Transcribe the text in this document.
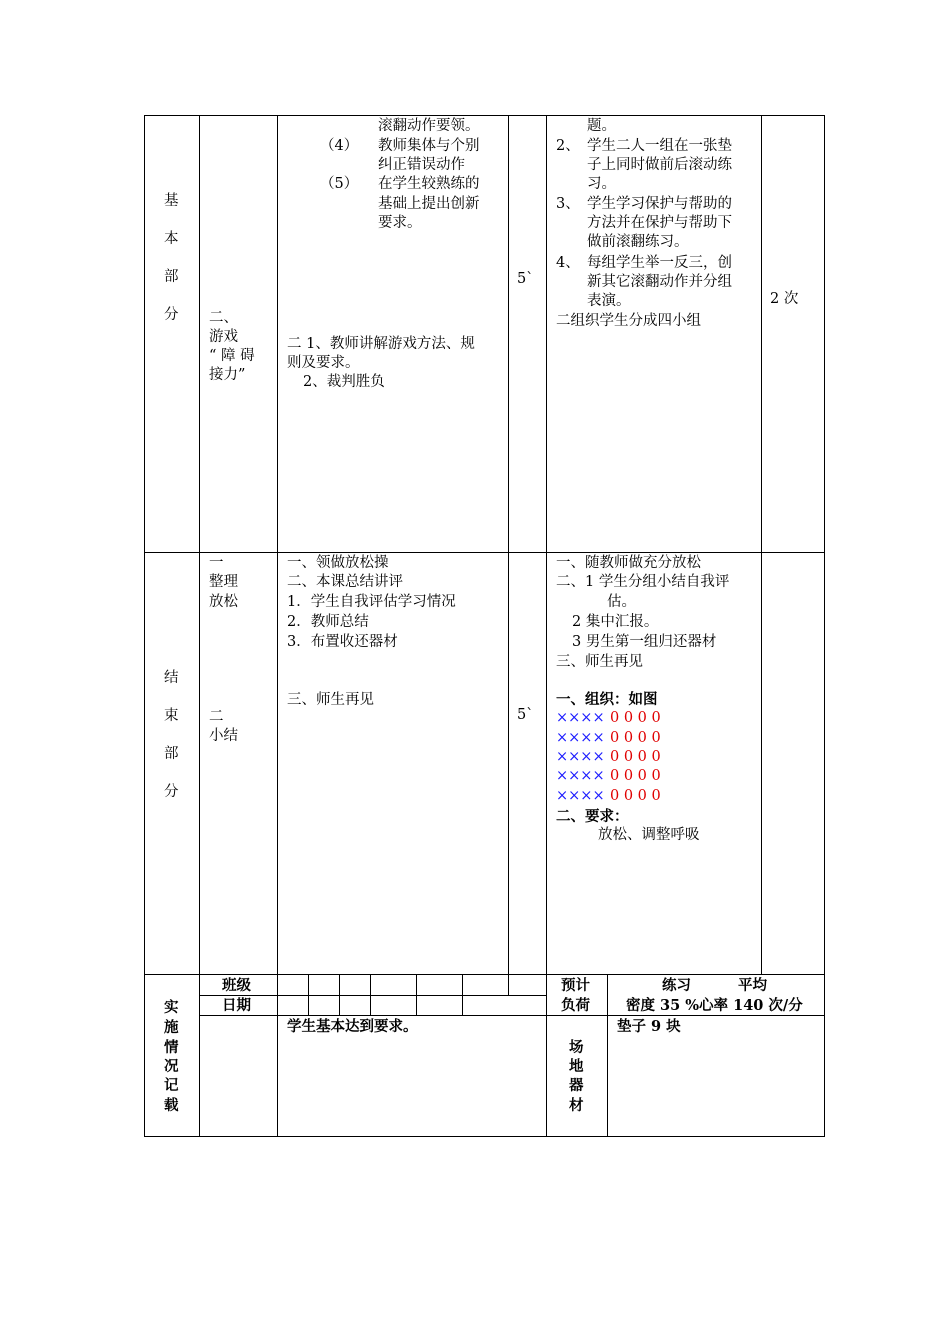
基
本
部
分
结
束
部
分
实
施
情
况
记
载
二、
游戏
“ 障 碍
接力”
滚翻动作要领。
（4） 教师集体与个别
纠正错误动作
（5） 在学生较熟练的
基础上提出创新
要求。
二 1、教师讲解游戏方法、规
则及要求。
2、裁判胜负
5`
题。
2、 学生二人一组在一张垫
子上同时做前后滚动练
习。
3、 学生学习保护与帮助的
方法并在保护与帮助下
做前滚翻练习。
4、 每组学生举一反三，创
新其它滚翻动作并分组
表演。
二组织学生分成四小组
2 次
一
整理
放松
二
小结
一、领做放松操
二、本课总结讲评
1．学生自我评估学习情况
2．教师总结
3．布置收还器材
三、师生再见
5`
一、随教师做充分放松
二、1 学生分组小结自我评
估。
2 集中汇报。
3 男生第一组归还器材
三、师生再见
一、组织：如图
×××× 0 0 0 0
×××× 0 0 0 0
×××× 0 0 0 0
×××× 0 0 0 0
×××× 0 0 0 0
二、要求：
放松、调整呼吸
班级
日期
预计
负荷
练习	平均
密度 35 %心率 140 次/分
学生基本达到要求。
场
地
器
材
垫子 9 块
